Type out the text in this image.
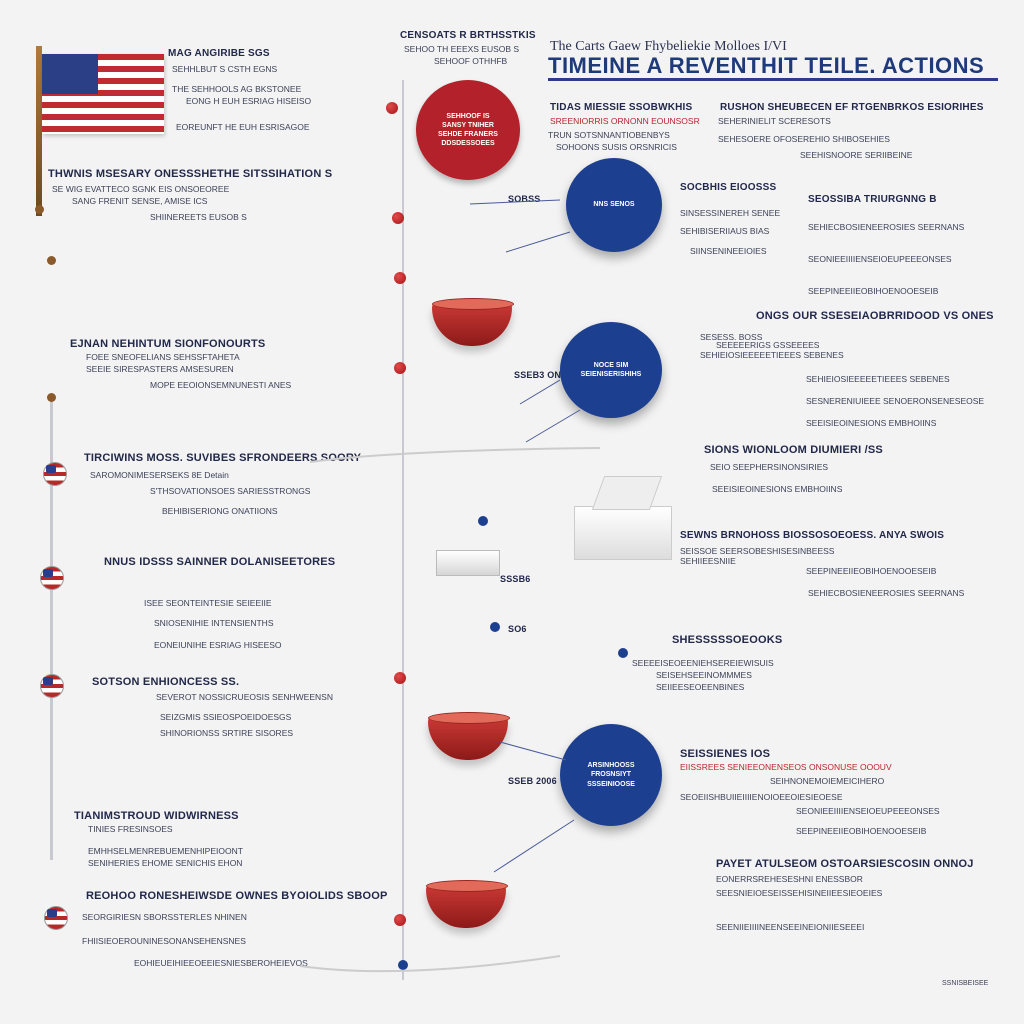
The Carts Gaew Fhybeliekie Molloes I/VI
TIMEINE A REVENTHIT TEILE. ACTIONS
CENSOATS R BRTHSSTKIS
SEHOO TH EEEXS EUSOB S
SEHOOF OTHHFB
MAG ANGIRIBE SGS
SEHHLBUT S CSTH EGNS
THE SEHHOOLS AG BKSTONEE
EONG H EUH ESRIAG HISEISO
EOREUNFT HE EUH ESRISAGOE
THWNIS MSESARY ONESSSHETHE SITSSIHATION S
SE WIG EVATTECO SGNK EIS ONSOEOREE
SANG FRENIT SENSE, AMISE ICS
SHIINEREETS EUSOB S
EJNAN NEHINTUM SIONFONOURTS
FOEE SNEOFELIANS SEHSSFTAHETA
SEEIE SIRESPASTERS AMSESUREN
MOPE EEOIONSEMNUNESTI ANES
TIRCIWINS MOSS. SUVIBES SFRONDEERS SOORY
SAROMONIMESERSEKS 8E Detain
S'THSOVATIONSOES SARIESSTRONGS
BEHIBISERIONG ONATIIONS
NNUS IDSSS SAINNER DOLANISEETORES
ISEE SEONTEINTESIE SEIEEIIE
SNIOSENIHIE INTENSIENTHS
EONEIUNIHE ESRIAG HISEESO
SOTSON ENHIONCESS SS.
SEVEROT NOSSICRUEOSIS SENHWEENSN
SEIZGMIS SSIEOSPOEIDOESGS
SHINORIONSS SRTIRE SISORES
TIANIMSTROUD WIDWIRNESS
TINIES FRESINSOES
EMHHSELMENREBUEMENHIPEIOONT
SENIHERIES EHOME SENICHIS EHON
REOHOO RONESHEIWSDE OWNES BYOIOLIDS SBOOP
SEORGIRIESN SBORSSTERLES NHINEN
FHIISIEOEROUNINESONANSEHENSNES
EOHIEUEIHIEEOEEIESNIESBEROHEIEVOS
SEHHOOF IS
SANSY TNIHER
SEHDE FRANERS
DDSDESSOEES
NNS SENOS
NOCE SIM
SEIENISERISHIHS
ARSINHOOSS
FROSNSIYT
SSSEINIOOSE
SOBSS
SSEB3 ON
SSSB6
SO6
SSEB 2006
TIDAS MIESSIE SSOBWKHIS
SREENIORRIS ORNONN EOUNSOSR
TRUN SOTSNNANTIOBENBYS
SOHOONS SUSIS ORSNRICIS
RUSHON SHEUBECEN EF RTGENBRKOS ESIORIHES
SEHERINIELIT SCERESOTS
SEHESOERE OFOSEREHIO SHIBOSEHIES
SEEHISNOORE SERIIBEINE
SOCBHIS EIOOSSS
SINSESSINEREH SENEE
SEHIBISERIIAUS BIAS
SIINSENINEEIOIES
SEOSSIBA TRIURGNNG B
SEHIECBOSIENEEROSIES SEERNANS
SEONIEEIIIIENSEIOEUPEEEONSES
SEEPINEEIIEOBIHOENOOESEIB
ONGS OUR SSESEIAOBRRIDOOD VS ONES
SESESS. BOSS
SEEEEERIGS GSSEEEES
SEHIEIOSIEEEEETIEEES SEBENES
SEHIEIOSIEEEEETIEEES SEBENES
SESNERENIUIEEE SENOERONSENESEOSE
SEEISIEOINESIONS EMBHOIINS
SIONS WIONLOOM DIUMIERI /SS
SEIO SEEPHERSINONSIRIES
SEEISIEOINESIONS EMBHOIINS
SEWNS BRNOHOSS BIOSSOSOEOESS. ANYA SWOIS
SEISSOE SEERSOBESHISESINBEESS
SEHIIEESNIIE
SEEPINEEIIEOBIHOENOOESEIB
SEHIECBOSIENEEROSIES SEERNANS
SHESSSSSOEOOKS
SEEEEISEOEENIEHSEREIEWISUIS
SEISEHSEEINOMMMES
SEIIEESEOEENBINES
SEISSIENES IOS
EIISSREES SENIEEONENSEOS ONSONUSE OOOUV
SEIHNONEMOIEMEICIHERO
SEOEIISHBUIIEIIIIENOIOEEOIESIEOESE
SEONIEEIIIIENSEIOEUPEEEONSES
SEEPINEEIIEOBIHOENOOESEIB
PAYET ATULSEOM OSTOARSIESCOSIN ONNOJ
EONERRSREHESESHNI ENESSBOR
SEESNIEIOESEISSEHISINEIIEESIEOEIES
SEENIIEIIIINEENSEEINEIONIIESEEEI
SSNISBEISEE
